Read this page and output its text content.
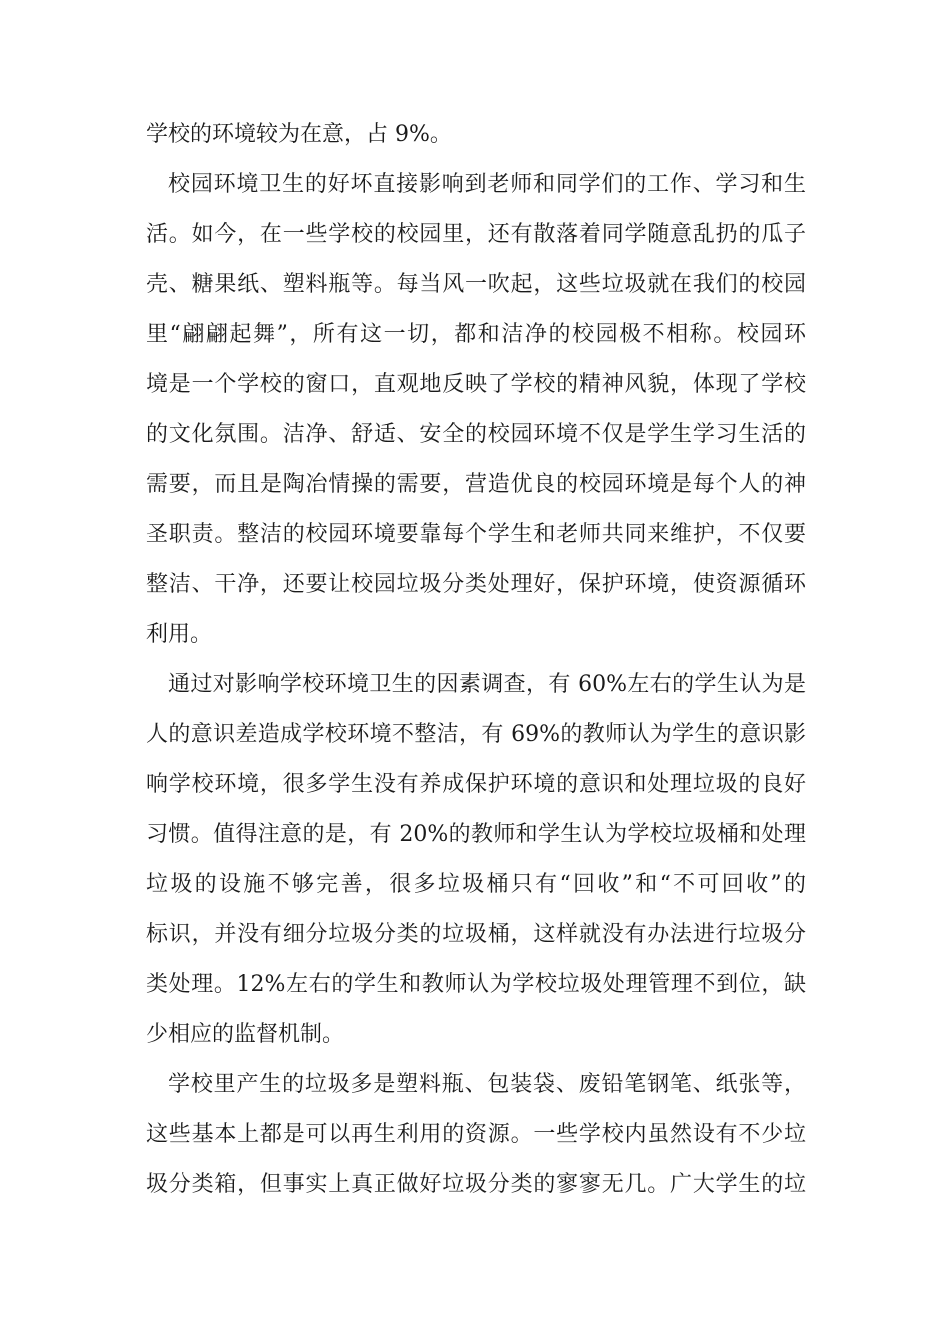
学校的环境较为在意，占 9%。
校园环境卫生的好坏直接影响到老师和同学们的工作、学习和生
活。如今，在一些学校的校园里，还有散落着同学随意乱扔的瓜子
壳、糖果纸、塑料瓶等。每当风一吹起，这些垃圾就在我们的校园
里“翩翩起舞”，所有这一切，都和洁净的校园极不相称。校园环
境是一个学校的窗口，直观地反映了学校的精神风貌，体现了学校
的文化氛围。洁净、舒适、安全的校园环境不仅是学生学习生活的
需要，而且是陶冶情操的需要，营造优良的校园环境是每个人的神
圣职责。整洁的校园环境要靠每个学生和老师共同来维护，不仅要
整洁、干净，还要让校园垃圾分类处理好，保护环境，使资源循环
利用。
通过对影响学校环境卫生的因素调查，有 60%左右的学生认为是
人的意识差造成学校环境不整洁，有 69%的教师认为学生的意识影
响学校环境，很多学生没有养成保护环境的意识和处理垃圾的良好
习惯。值得注意的是，有 20%的教师和学生认为学校垃圾桶和处理
垃圾的设施不够完善，很多垃圾桶只有“回收”和“不可回收”的
标识，并没有细分垃圾分类的垃圾桶，这样就没有办法进行垃圾分
类处理。12%左右的学生和教师认为学校垃圾处理管理不到位，缺
少相应的监督机制。
学校里产生的垃圾多是塑料瓶、包装袋、废铅笔钢笔、纸张等，
这些基本上都是可以再生利用的资源。一些学校内虽然设有不少垃
圾分类箱，但事实上真正做好垃圾分类的寥寥无几。广大学生的垃
